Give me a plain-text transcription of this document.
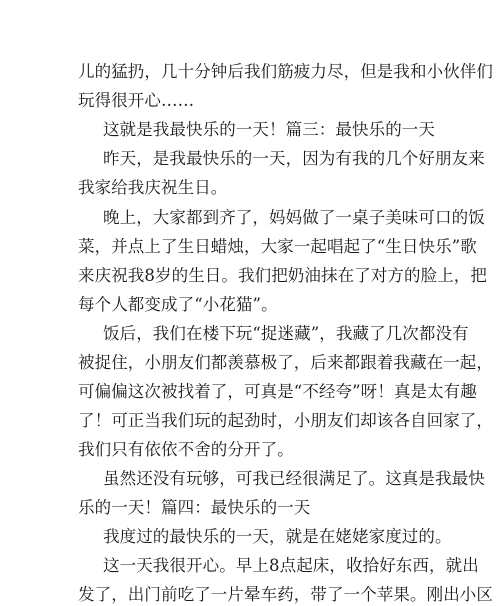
儿的猛扔，几十分钟后我们筋疲力尽，但是我和小伙伴们
玩得很开心……
这就是我最快乐的一天！篇三：最快乐的一天
昨天，是我最快乐的一天，因为有我的几个好朋友来
我家给我庆祝生日。
晚上，大家都到齐了，妈妈做了一桌子美味可口的饭
菜，并点上了生日蜡烛，大家一起唱起了“生日快乐”歌
来庆祝我8岁的生日。我们把奶油抹在了对方的脸上，把
每个人都变成了“小花猫”。
饭后，我们在楼下玩“捉迷藏”，我藏了几次都没有
被捉住，小朋友们都羡慕极了，后来都跟着我藏在一起，
可偏偏这次被找着了，可真是“不经夸”呀！真是太有趣
了！可正当我们玩的起劲时，小朋友们却该各自回家了，
我们只有依依不舍的分开了。
虽然还没有玩够，可我已经很满足了。这真是我最快
乐的一天！篇四：最快乐的一天
我度过的最快乐的一天，就是在姥姥家度过的。
这一天我很开心。早上8点起床，收拾好东西，就出
发了，出门前吃了一片晕车药，带了一个苹果。刚出小区
